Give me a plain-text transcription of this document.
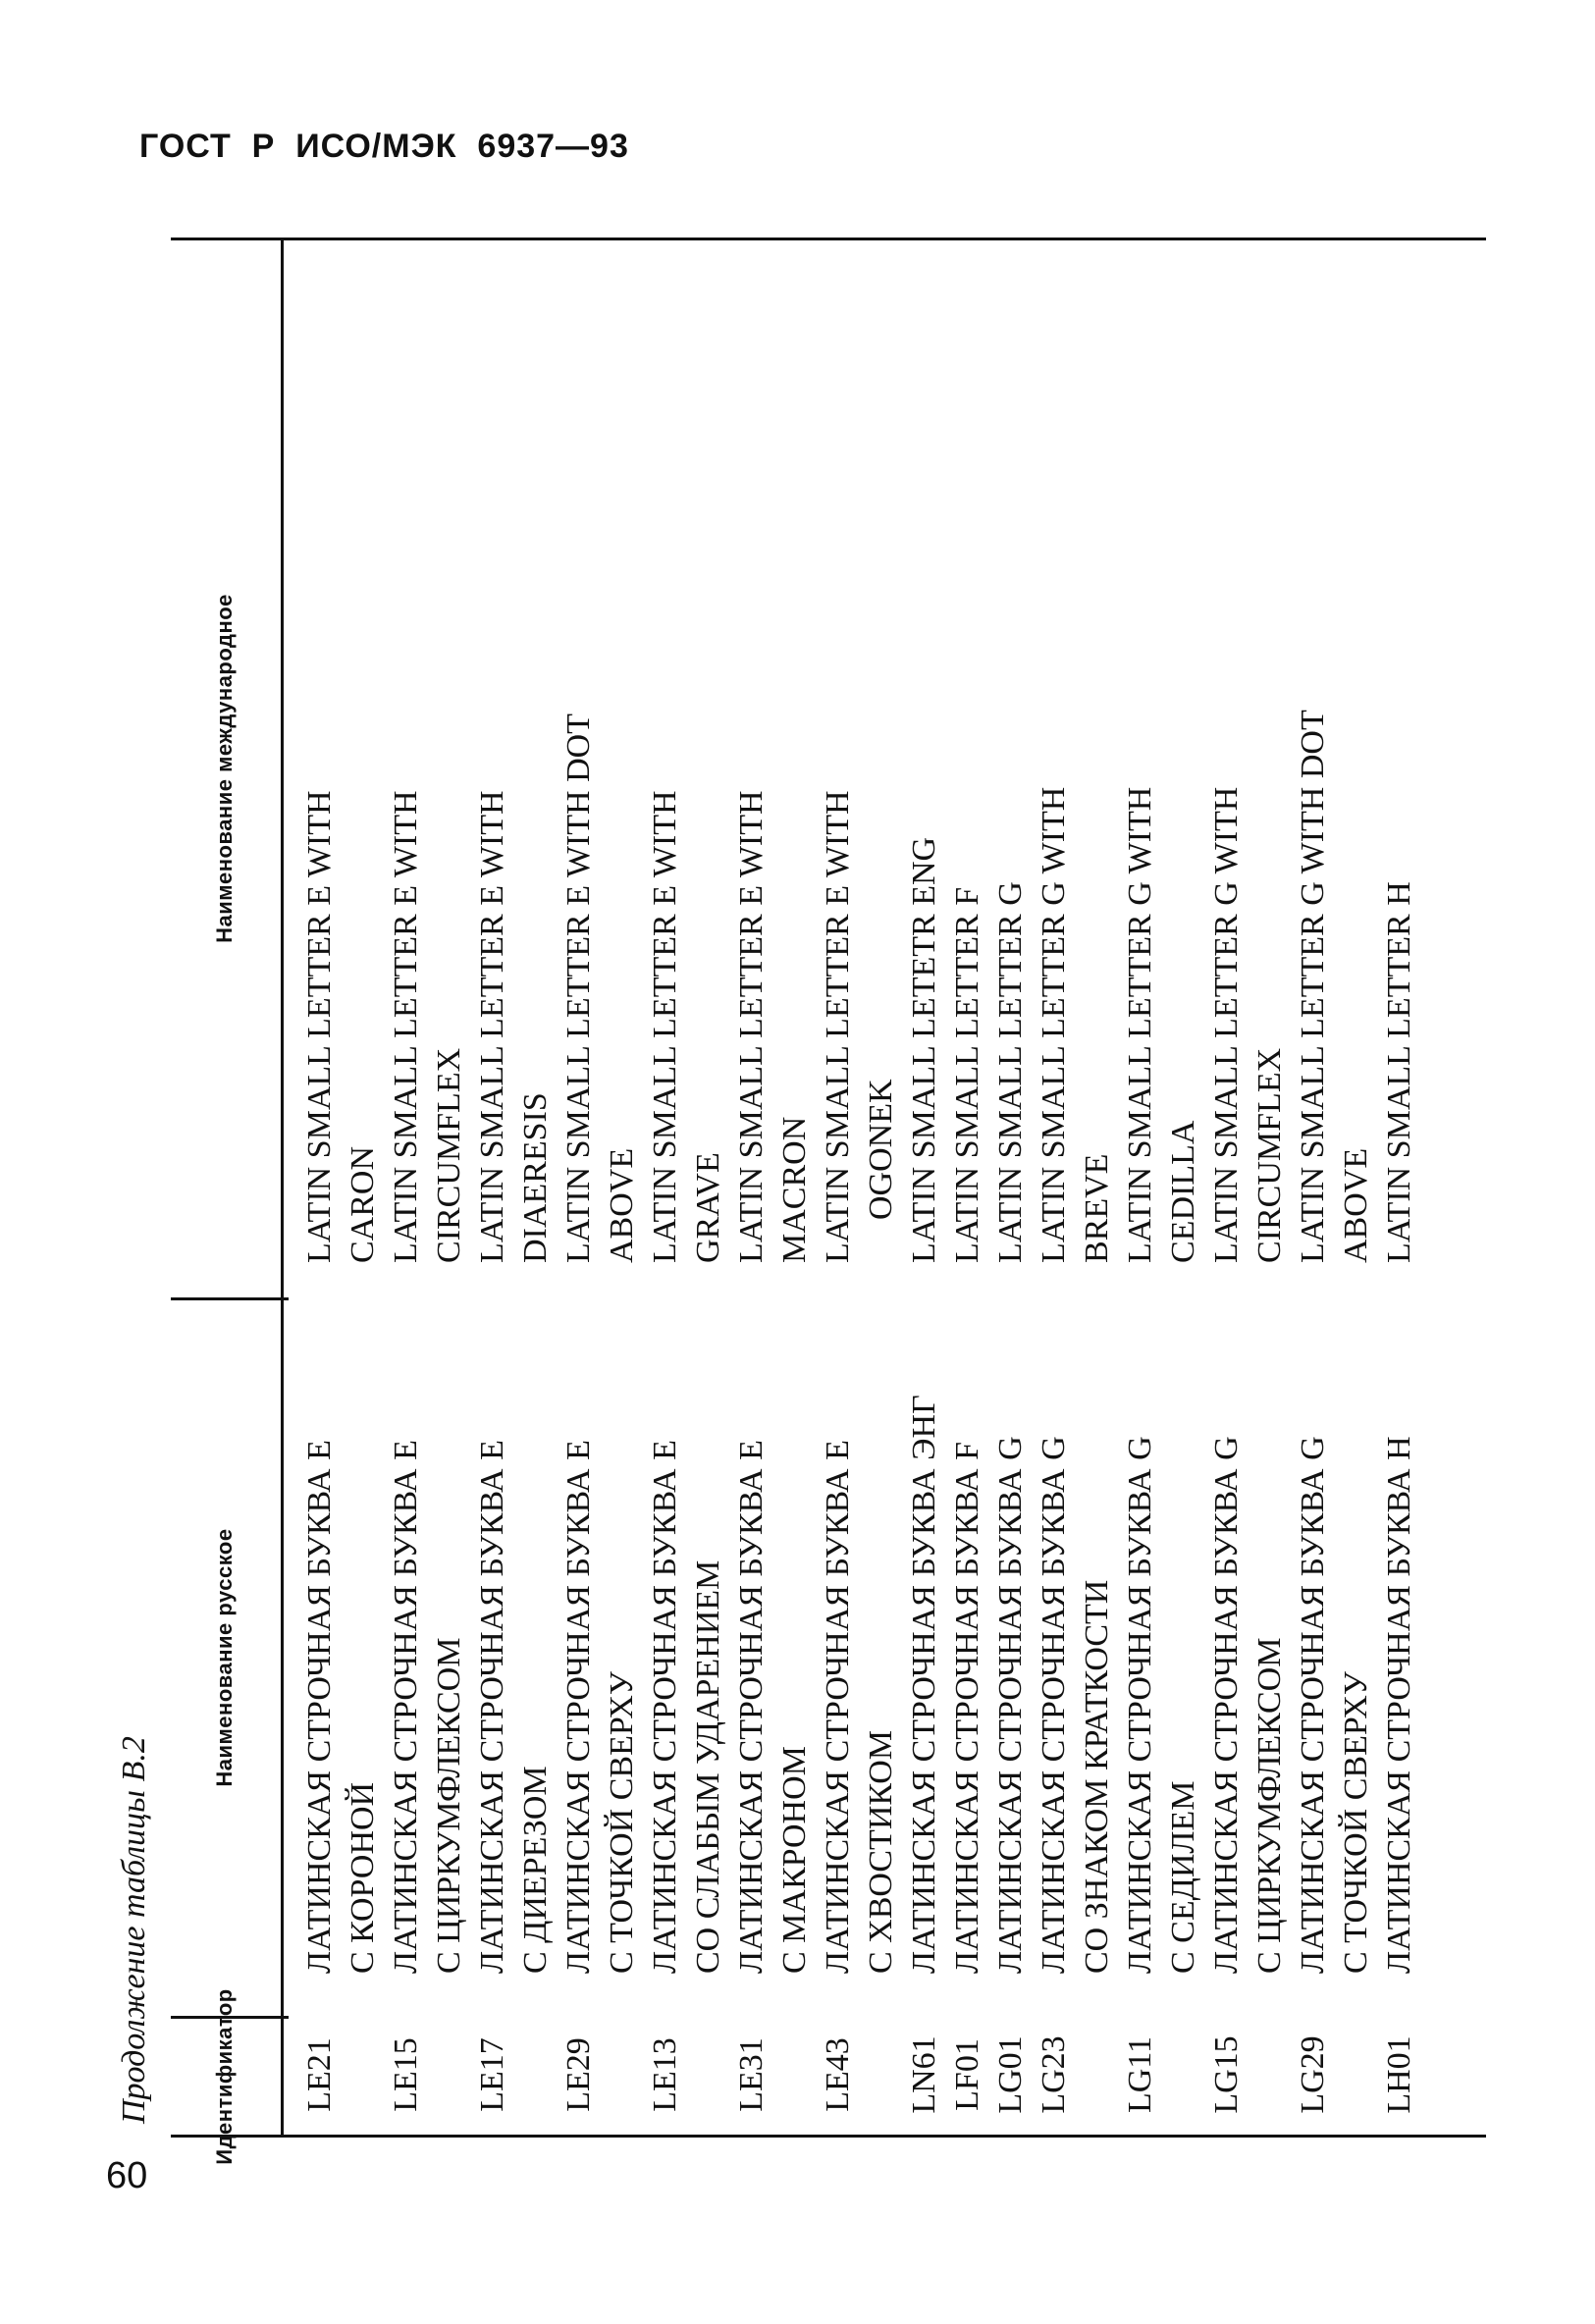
ГОСТ  Р  ИСО/МЭК  6937—93
Продолжение таблицы В.2	Идентификатор
Наименование русское
Наименование международное
LE21
ЛАТИНСКАЯ СТРОЧНАЯ БУКВА E С КОРОНОЙ
LATIN SMALL LETTER E WITH CARON
LE15
ЛАТИНСКАЯ СТРОЧНАЯ БУКВА E С ЦИРКУМФЛЕКСОМ
LATIN SMALL LETTER E WITH CIRCUMFLEX
LE17
ЛАТИНСКАЯ СТРОЧНАЯ БУКВА E С ДИЕРЕЗОМ
LATIN SMALL LETTER E WITH DIAERESIS
LE29
ЛАТИНСКАЯ СТРОЧНАЯ БУКВА E С ТОЧКОЙ СВЕРХУ
LATIN SMALL LETTER E WITH DOT ABOVE
LE13
ЛАТИНСКАЯ СТРОЧНАЯ БУКВА E СО СЛАБЫМ УДАРЕНИЕМ
LATIN SMALL LETTER E WITH GRAVE
LE31
ЛАТИНСКАЯ СТРОЧНАЯ БУКВА E С МАКРОНОМ
LATIN SMALL LETTER E WITH MACRON
LE43
ЛАТИНСКАЯ СТРОЧНАЯ БУКВА E С ХВОСТИКОМ
LATIN SMALL LETTER E WITH OGONEK
LN61
ЛАТИНСКАЯ СТРОЧНАЯ БУКВА ЭНГ
LATIN SMALL LETETR ENG
LF01
ЛАТИНСКАЯ СТРОЧНАЯ БУКВА F
LATIN SMALL LETTER F
LG01
ЛАТИНСКАЯ СТРОЧНАЯ БУКВА G
LATIN SMALL LETTER G
LG23
ЛАТИНСКАЯ СТРОЧНАЯ БУКВА G СО ЗНАКОМ КРАТКОСТИ
LATIN SMALL LETTER G WITH BREVE
LG11
ЛАТИНСКАЯ СТРОЧНАЯ БУКВА G С СЕДИЛЕМ
LATIN SMALL LETTER G WITH CEDILLA
LG15
ЛАТИНСКАЯ СТРОЧНАЯ БУКВА G С ЦИРКУМФЛЕКСОМ
LATIN SMALL LETTER G WITH CIRCUMFLEX
LG29
ЛАТИНСКАЯ СТРОЧНАЯ БУКВА G С ТОЧКОЙ СВЕРХУ
LATIN SMALL LETTER G WITH DOT ABOVE
LH01
ЛАТИНСКАЯ СТРОЧНАЯ БУКВА H
LATIN SMALL LETTER H
60
